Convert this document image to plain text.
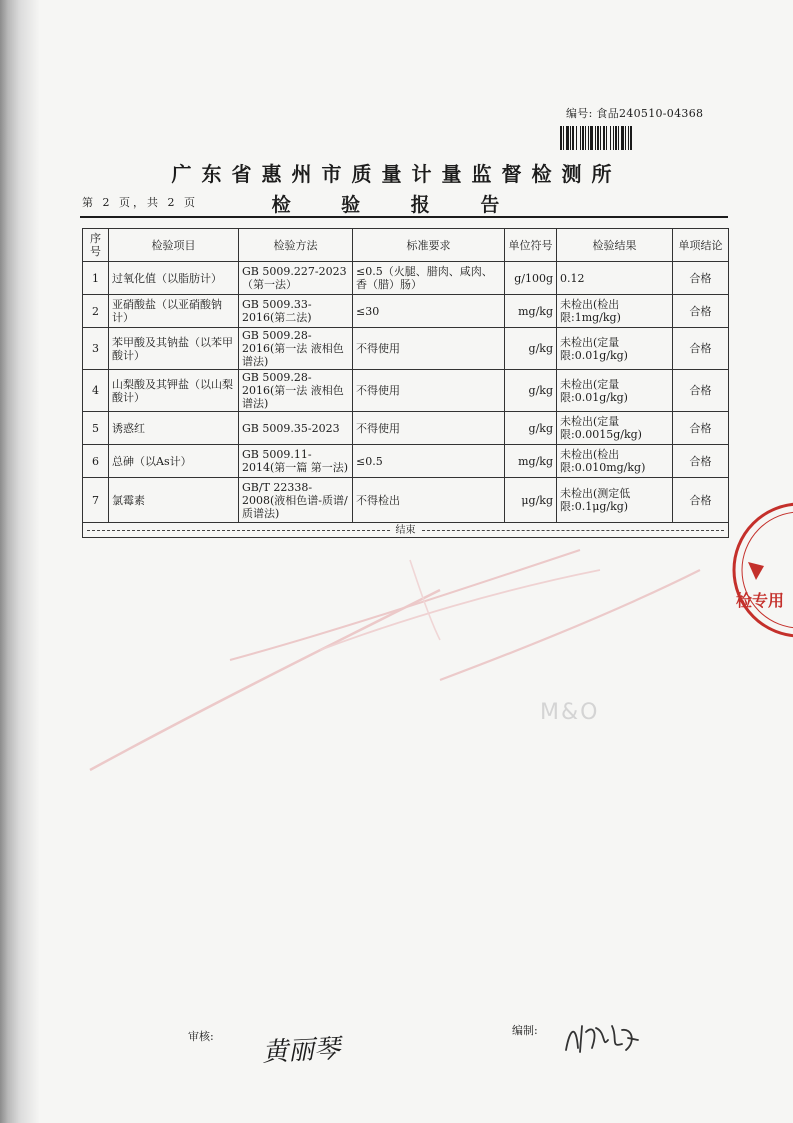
编号: 食品240510-04368
广东省惠州市质量计量监督检测所
第 2 页，共 2 页	检 验 报 告
序号	检验项目	检验方法	标准要求	单位符号	检验结果	单项结论
1	过氧化值（以脂肪计）	GB 5009.227-2023（第一法）	≤0.5（火腿、腊肉、咸肉、香（腊）肠）	g/100g	0.12	合格
2	亚硝酸盐（以亚硝酸钠计）	GB 5009.33-2016(第二法)	≤30	mg/kg	未检出(检出限:1mg/kg)	合格
3	苯甲酸及其钠盐（以苯甲酸计）	GB 5009.28-2016(第一法 液相色谱法)	不得使用	g/kg	未检出(定量限:0.01g/kg)	合格
4	山梨酸及其钾盐（以山梨酸计）	GB 5009.28-2016(第一法 液相色谱法)	不得使用	g/kg	未检出(定量限:0.01g/kg)	合格
5	诱惑红	GB 5009.35-2023	不得使用	g/kg	未检出(定量限:0.0015g/kg)	合格
6	总砷（以As计）	GB 5009.11-2014(第一篇 第一法)	≤0.5	mg/kg	未检出(检出限:0.010mg/kg)	合格
7	氯霉素	GB/T 22338-2008(液相色谱-质谱/质谱法)	不得检出	μg/kg	未检出(测定低限:0.1μg/kg)	合格

结束						
M&O
检专用
审核: 黄丽琴
编制:
